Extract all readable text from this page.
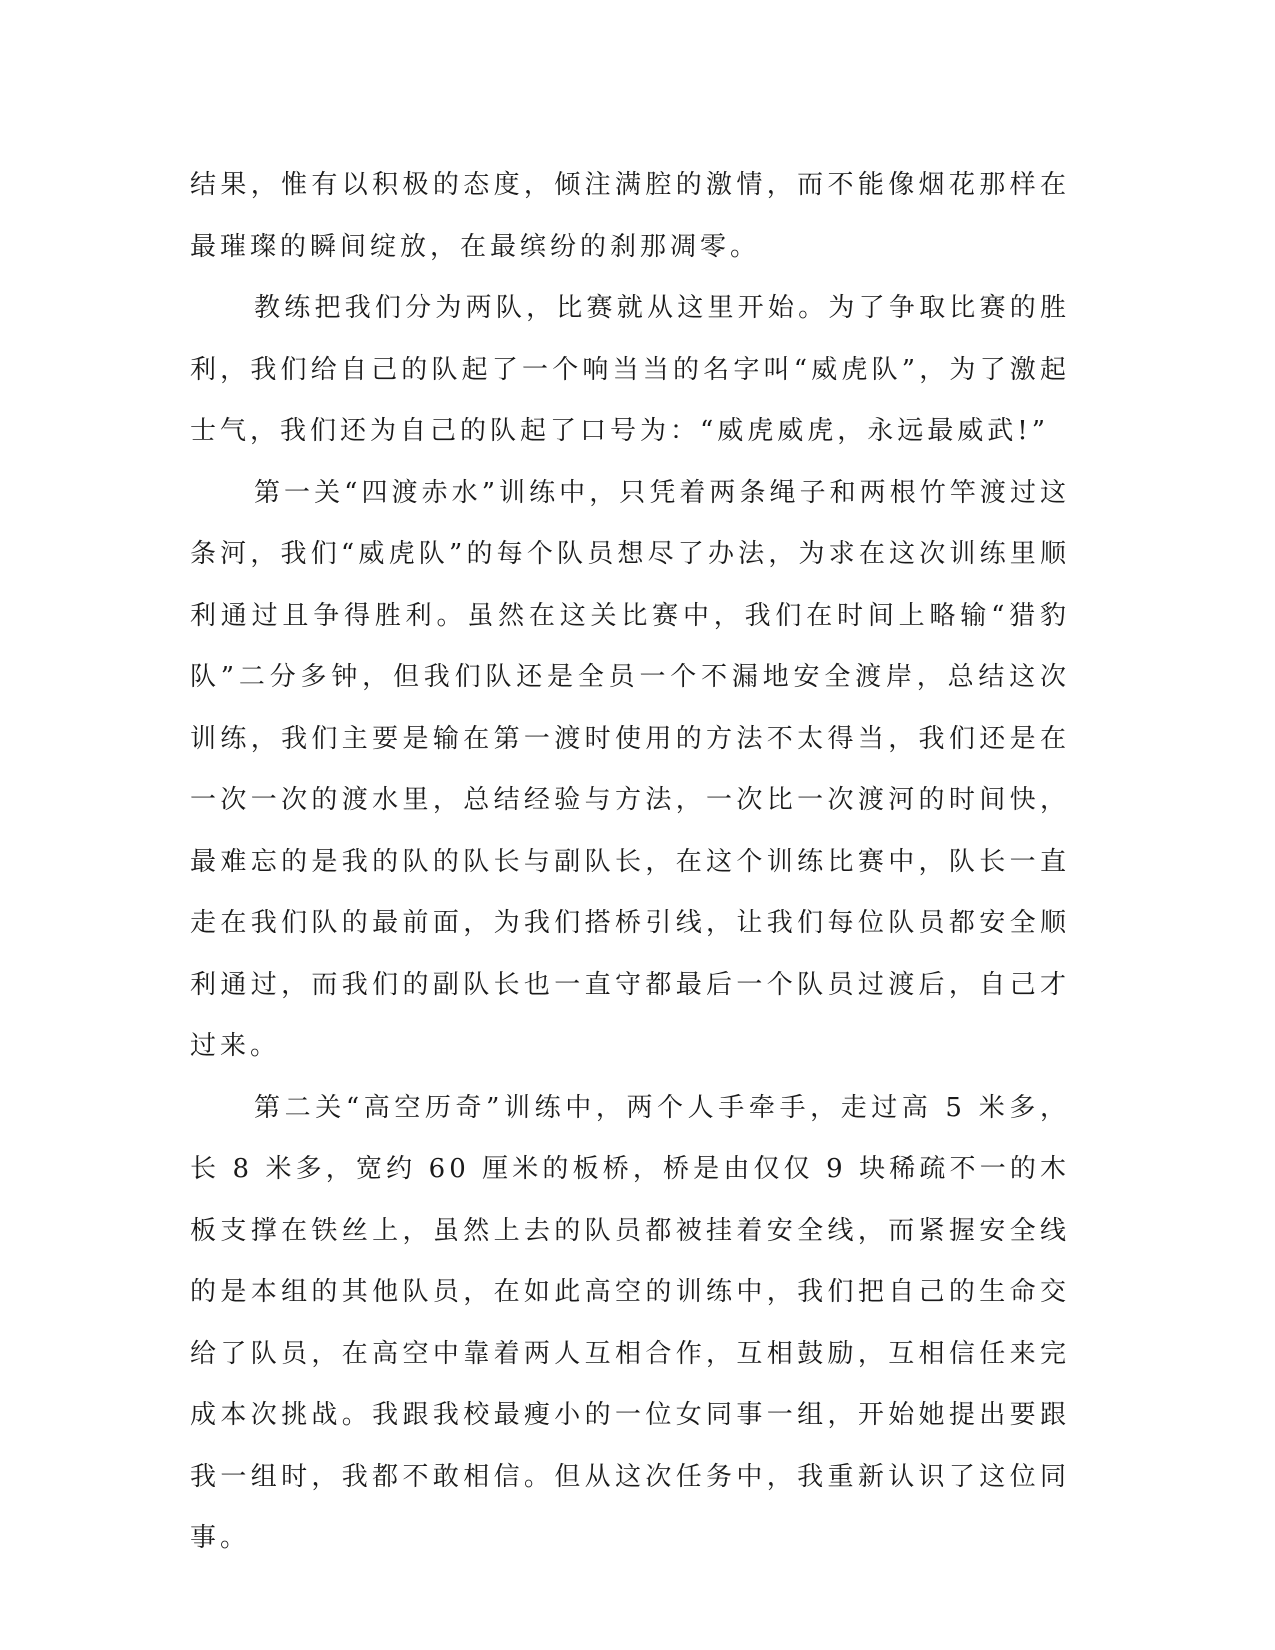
结果，惟有以积极的态度，倾注满腔的激情，而不能像烟花那样在最璀璨的瞬间绽放，在最缤纷的刹那凋零。

教练把我们分为两队，比赛就从这里开始。为了争取比赛的胜利，我们给自己的队起了一个响当当的名字叫“威虎队”，为了激起士气，我们还为自己的队起了口号为：“威虎威虎，永远最威武!”

第一关“四渡赤水”训练中，只凭着两条绳子和两根竹竿渡过这条河，我们“威虎队”的每个队员想尽了办法，为求在这次训练里顺利通过且争得胜利。虽然在这关比赛中，我们在时间上略输“猎豹队”二分多钟，但我们队还是全员一个不漏地安全渡岸，总结这次训练，我们主要是输在第一渡时使用的方法不太得当，我们还是在一次一次的渡水里，总结经验与方法，一次比一次渡河的时间快，最难忘的是我的队的队长与副队长，在这个训练比赛中，队长一直走在我们队的最前面，为我们搭桥引线，让我们每位队员都安全顺利通过，而我们的副队长也一直守都最后一个队员过渡后，自己才过来。

第二关“高空历奇”训练中，两个人手牵手，走过高 5 米多，长 8 米多，宽约 60 厘米的板桥，桥是由仅仅 9 块稀疏不一的木板支撑在铁丝上，虽然上去的队员都被挂着安全线，而紧握安全线的是本组的其他队员，在如此高空的训练中，我们把自己的生命交给了队员，在高空中靠着两人互相合作，互相鼓励，互相信任来完成本次挑战。我跟我校最瘦小的一位女同事一组，开始她提出要跟我一组时，我都不敢相信。但从这次任务中，我重新认识了这位同事。
